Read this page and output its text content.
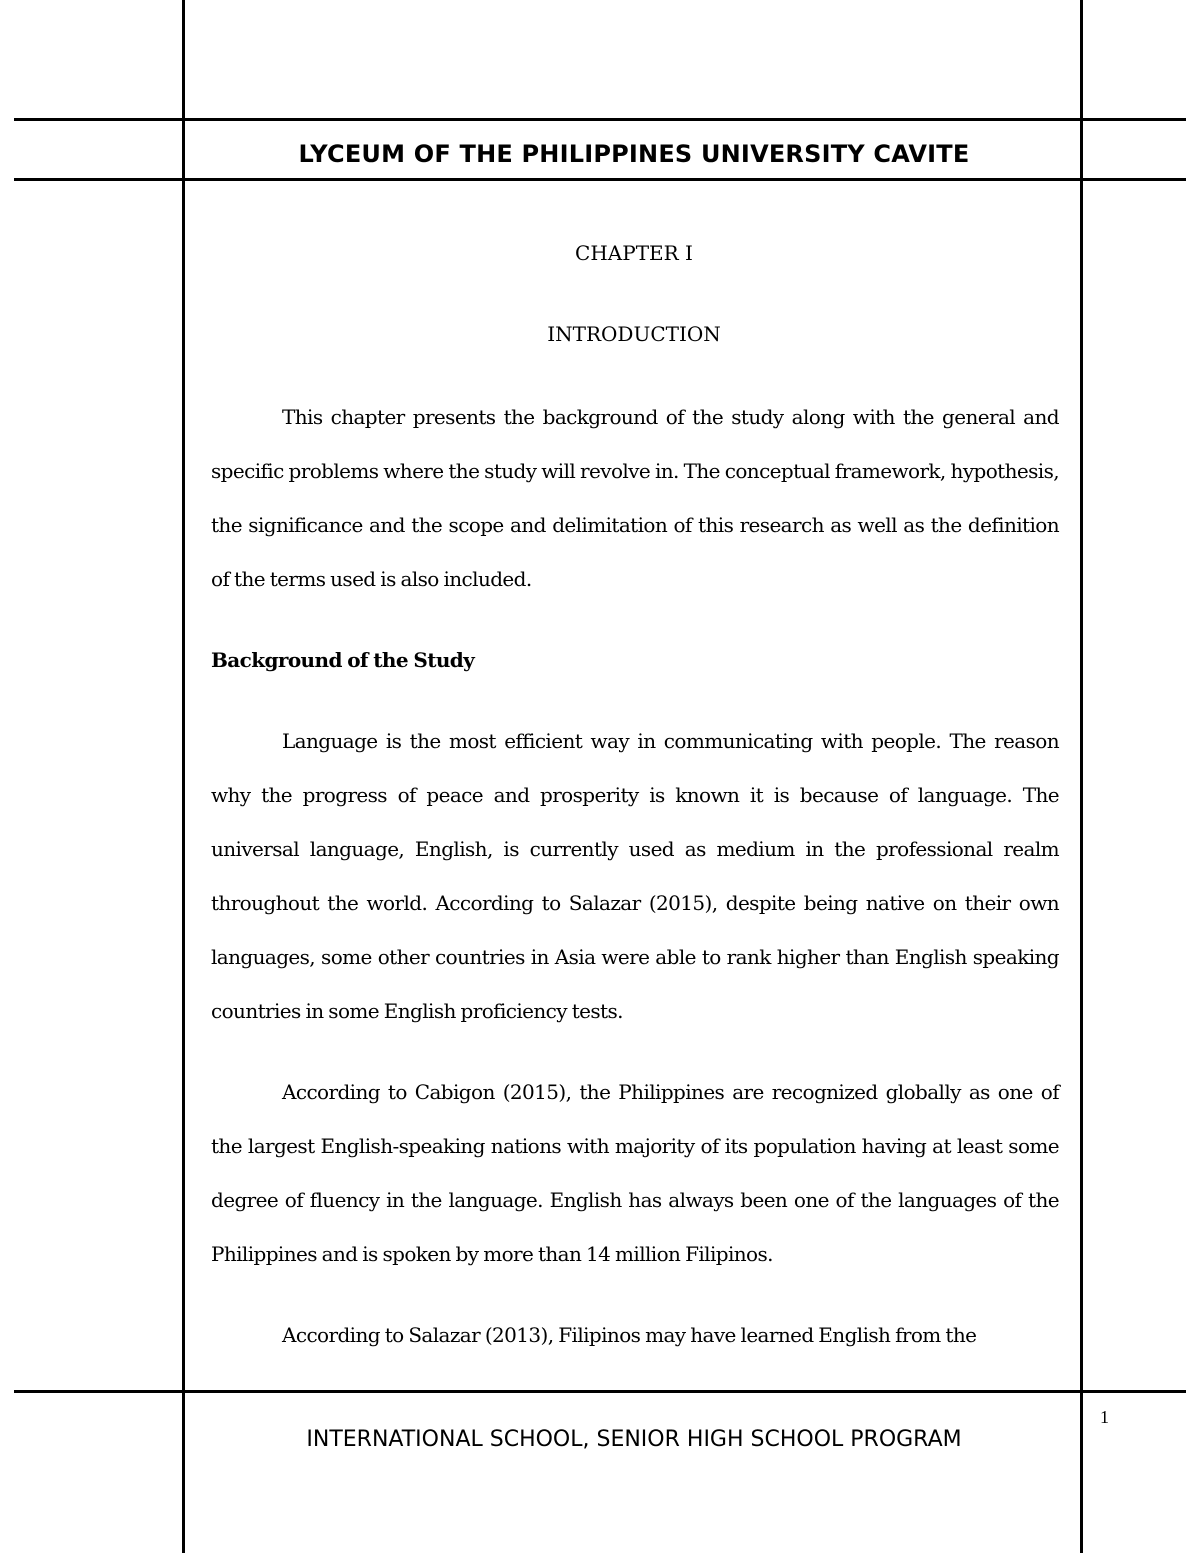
LYCEUM OF THE PHILIPPINES UNIVERSITY CAVITE
CHAPTER I
INTRODUCTION

This chapter presents the background of the study along with the general and specific problems where the study will revolve in. The conceptual framework, hypothesis, the significance and the scope and delimitation of this research as well as the definition of the terms used is also included.

Background of the Study

Language is the most efficient way in communicating with people. The reason why the progress of peace and prosperity is known it is because of language. The universal language, English, is currently used as medium in the professional realm throughout the world. According to Salazar (2015), despite being native on their own languages, some other countries in Asia were able to rank higher than English speaking countries in some English proficiency tests.

According to Cabigon (2015), the Philippines are recognized globally as one of the largest English-speaking nations with majority of its population having at least some degree of fluency in the language. English has always been one of the languages of the Philippines and is spoken by more than 14 million Filipinos.

According to Salazar (2013), Filipinos may have learned English from the

1
INTERNATIONAL SCHOOL, SENIOR HIGH SCHOOL PROGRAM
